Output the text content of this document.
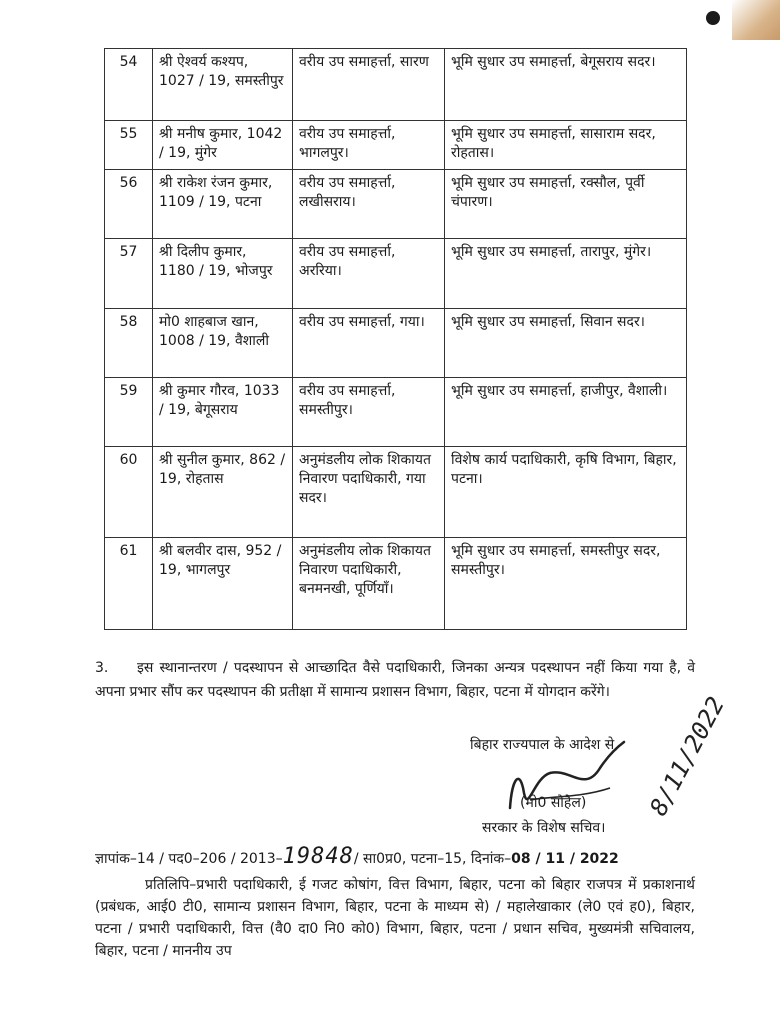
54	श्री ऐश्वर्य कश्यप, 1027 / 19, समस्तीपुर	वरीय उप समाहर्त्ता, सारण	भूमि सुधार उप समाहर्त्ता, बेगूसराय सदर।
55	श्री मनीष कुमार, 1042 / 19, मुंगेर	वरीय उप समाहर्त्ता, भागलपुर।	भूमि सुधार उप समाहर्त्ता, सासाराम सदर, रोहतास।
56	श्री राकेश रंजन कुमार, 1109 / 19, पटना	वरीय उप समाहर्त्ता, लखीसराय।	भूमि सुधार उप समाहर्त्ता, रक्सौल, पूर्वी चंपारण।
57	श्री दिलीप कुमार, 1180 / 19, भोजपुर	वरीय उप समाहर्त्ता, अररिया।	भूमि सुधार उप समाहर्त्ता, तारापुर, मुंगेर।
58	मो0 शाहबाज खान, 1008 / 19, वैशाली	वरीय उप समाहर्त्ता, गया।	भूमि सुधार उप समाहर्त्ता, सिवान सदर।
59	श्री कुमार गौरव, 1033 / 19, बेगूसराय	वरीय उप समाहर्त्ता, समस्तीपुर।	भूमि सुधार उप समाहर्त्ता, हाजीपुर, वैशाली।
60	श्री सुनील कुमार, 862 / 19, रोहतास	अनुमंडलीय लोक शिकायत निवारण पदाधिकारी, गया सदर।	विशेष कार्य पदाधिकारी, कृषि विभाग, बिहार, पटना।
61	श्री बलवीर दास, 952 / 19, भागलपुर	अनुमंडलीय लोक शिकायत निवारण पदाधिकारी, बनमनखी, पूर्णियाँ।	भूमि सुधार उप समाहर्त्ता, समस्तीपुर सदर, समस्तीपुर।
3. इस स्थानान्तरण / पदस्थापन से आच्छादित वैसे पदाधिकारी, जिनका अन्यत्र पदस्थापन नहीं किया गया है, वे अपना प्रभार सौंप कर पदस्थापन की प्रतीक्षा में सामान्य प्रशासन विभाग, बिहार, पटना में योगदान करेंगे।
बिहार राज्यपाल के आदेश से,
(मो0 सोहैल)
सरकार के विशेष सचिव।
8/11/2022
ज्ञापांक–14 / पद0–206 / 2013–19848/ सा0प्र0, पटना–15, दिनांक–08 / 11 / 2022
प्रतिलिपि–प्रभारी पदाधिकारी, ई गजट कोषांग, वित्त विभाग, बिहार, पटना को बिहार राजपत्र में प्रकाशनार्थ (प्रबंधक, आई0 टी0, सामान्य प्रशासन विभाग, बिहार, पटना के माध्यम से) / महालेखाकार (ले0 एवं ह0), बिहार, पटना / प्रभारी पदाधिकारी, वित्त (वै0 दा0 नि0 को0) विभाग, बिहार, पटना / प्रधान सचिव, मुख्यमंत्री सचिवालय, बिहार, पटना / माननीय उप
